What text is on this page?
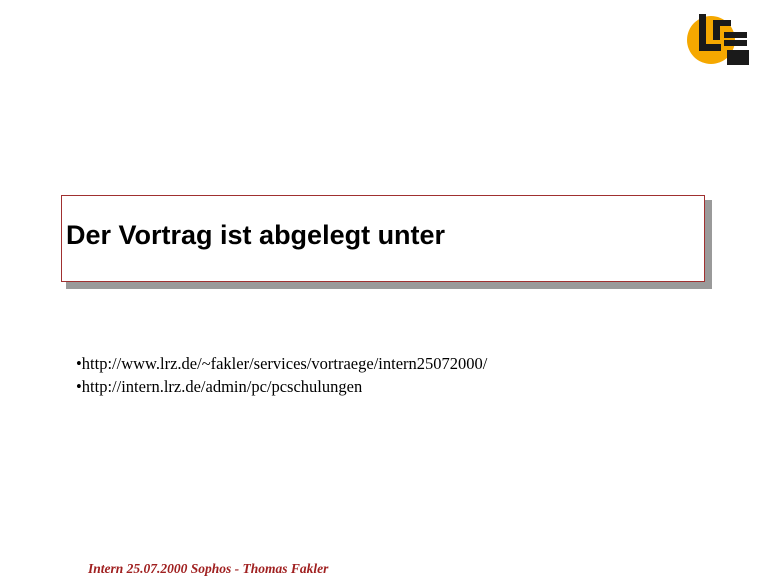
Der Vortrag ist abgelegt unter
•http://www.lrz.de/~fakler/services/vortraege/intern25072000/
•http://intern.lrz.de/admin/pc/pcschulungen
Intern 25.07.2000 Sophos - Thomas Fakler
